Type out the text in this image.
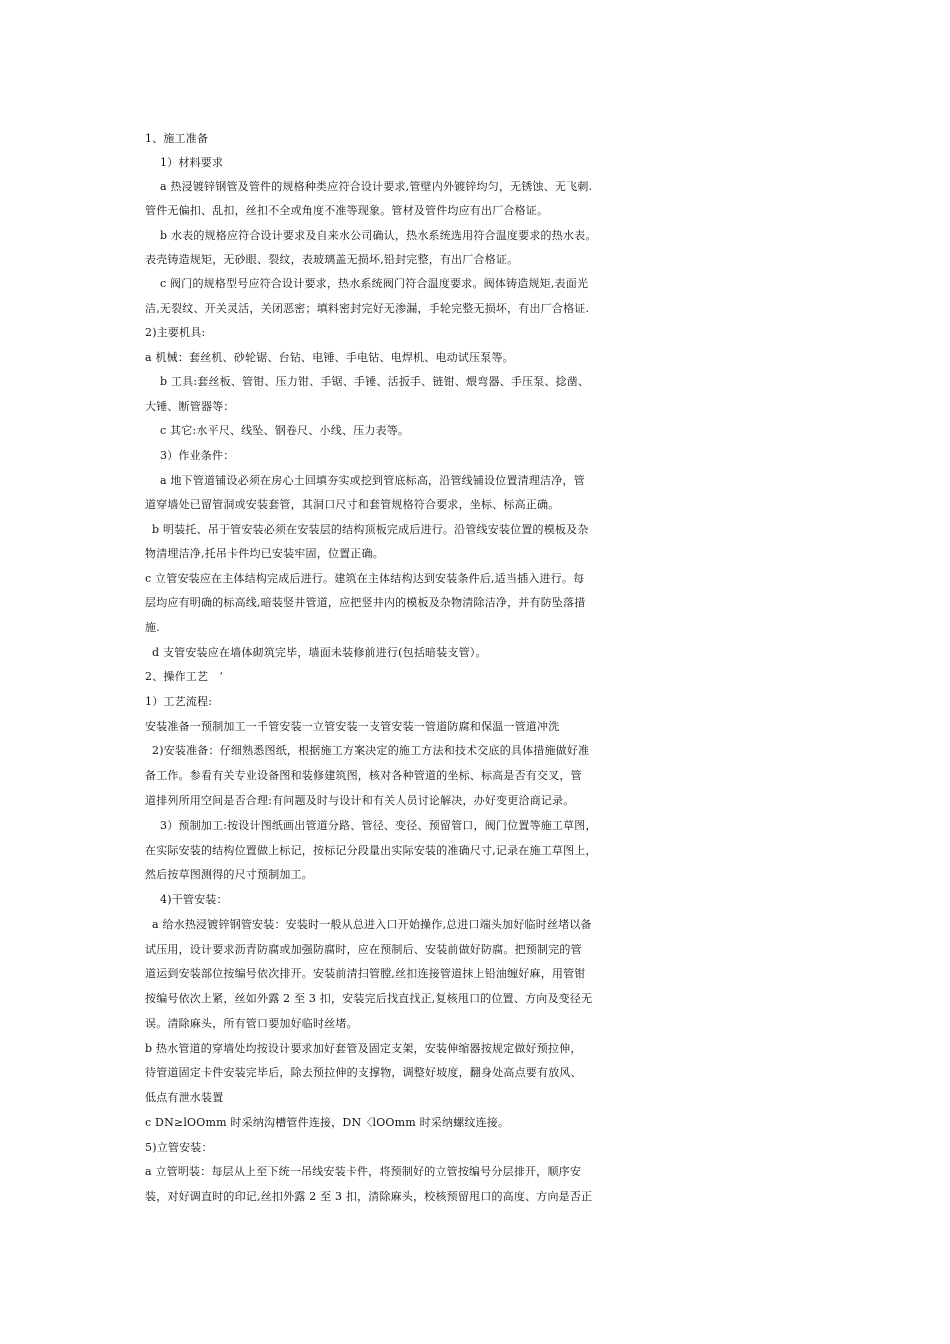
1、施工准备
1）材料要求
a 热浸镀锌钢管及管件的规格种类应符合设计要求,管壁内外镀锌均匀，无锈蚀、无飞刺.
管件无偏扣、乱扣，丝扣不全或角度不准等现象。管材及管件均应有出厂合格证。
b 水表的规格应符合设计要求及自来水公司确认，热水系统选用符合温度要求的热水表。
表壳铸造规矩，无砂眼、裂纹，表玻璃盖无损坏,铅封完整，有出厂合格证。
c 阀门的规格型号应符合设计要求，热水系统阀门符合温度要求。阀体铸造规矩,表面光
洁,无裂纹、开关灵活，关闭恶密；填料密封完好无渗漏，手轮完整无损坏，有出厂合格证.
2)主要机具:
a 机械：套丝机、砂轮锯、台钻、电锤、手电钻、电焊机、电动试压泵等。
b 工具:套丝板、管钳、压力钳、手锯、手锤、活扳手、链钳、煨弯器、手压泵、捻凿、
大锤、断管器等：
c 其它:水平尺、线坠、钢卷尺、小线、压力表等。
3）作业条件：
a 地下管道铺设必须在房心土回填夯实或挖到管底标高，沿管线铺设位置清理洁净，管
道穿墙处已留管洞或安装套管，其洞口尺寸和套管规格符合要求，坐标、标高正确。
b 明装托、吊于管安装必须在安装层的结构顶板完成后进行。沿管线安装位置的模板及杂
物清埋洁净,托吊卡件均已安装牢固，位置正确。
c 立管安装应在主体结构完成后进行。建筑在主体结构达到安装条件后,适当插入进行。每
层均应有明确的标高线,暗装竖井管道，应把竖井内的模板及杂物清除洁净，并有防坠落措
施.
d 支管安装应在墙体砌筑完毕，墙面未装修前进行(包括暗装支管）。
2、操作工艺　‘
1）工艺流程:
安装准备一预制加工一千管安装一立管安装一支管安装一管道防腐和保温一管道冲洗
2)安装准备：仔细熟悉图纸，根据施工方案决定的施工方法和技术交底的具体措施做好准
备工作。参看有关专业设备图和装修建筑图，核对各种管道的坐标、标高是否有交叉，管
道排列所用空间是否合理:有问题及时与设计和有关人员讨论解决，办好变更洽商记录。
3）预制加工:按设计图纸画出管道分路、管径、变径、预留管口，阀门位置等施工草图，
在实际安装的结构位置做上标记，按标记分段量出实际安装的准确尺寸,记录在施工草图上，
然后按草图测得的尺寸预制加工。
4)干管安装：
a 给水热浸镀锌钢管安装：安装时一般从总进入口开始操作,总进口端头加好临时丝堵以备
试压用，设计要求沥青防腐或加强防腐时，应在预制后、安装前做好防腐。把预制完的管
道运到安装部位按编号依次排开。安装前清扫管膛,丝扣连接管道抹上铅油缠好麻，用管钳
按编号依次上紧，丝如外露 2 至 3 扣，安装完后找直找正,复核甩口的位置、方向及变径无
误。清除麻头，所有管口要加好临时丝堵。
b 热水管道的穿墙处均按设计要求加好套管及固定支架，安装伸缩器按规定做好预拉伸，
待管道固定卡件安装完毕后，除去预拉伸的支撑物，调整好坡度，翻身处高点要有放风、
低点有泄水装置
c DN≥lOOmm 时采纳沟槽管件连接，DN〈lOOmm 时采纳螺纹连接。
5)立管安装：
a 立管明装：每层从上至下统一吊线安装卡件，将预制好的立管按编号分层排开，顺序安
装，对好调直时的印记,丝扣外露 2 至 3 扣，清除麻头，校核预留甩口的高度、方向是否正
